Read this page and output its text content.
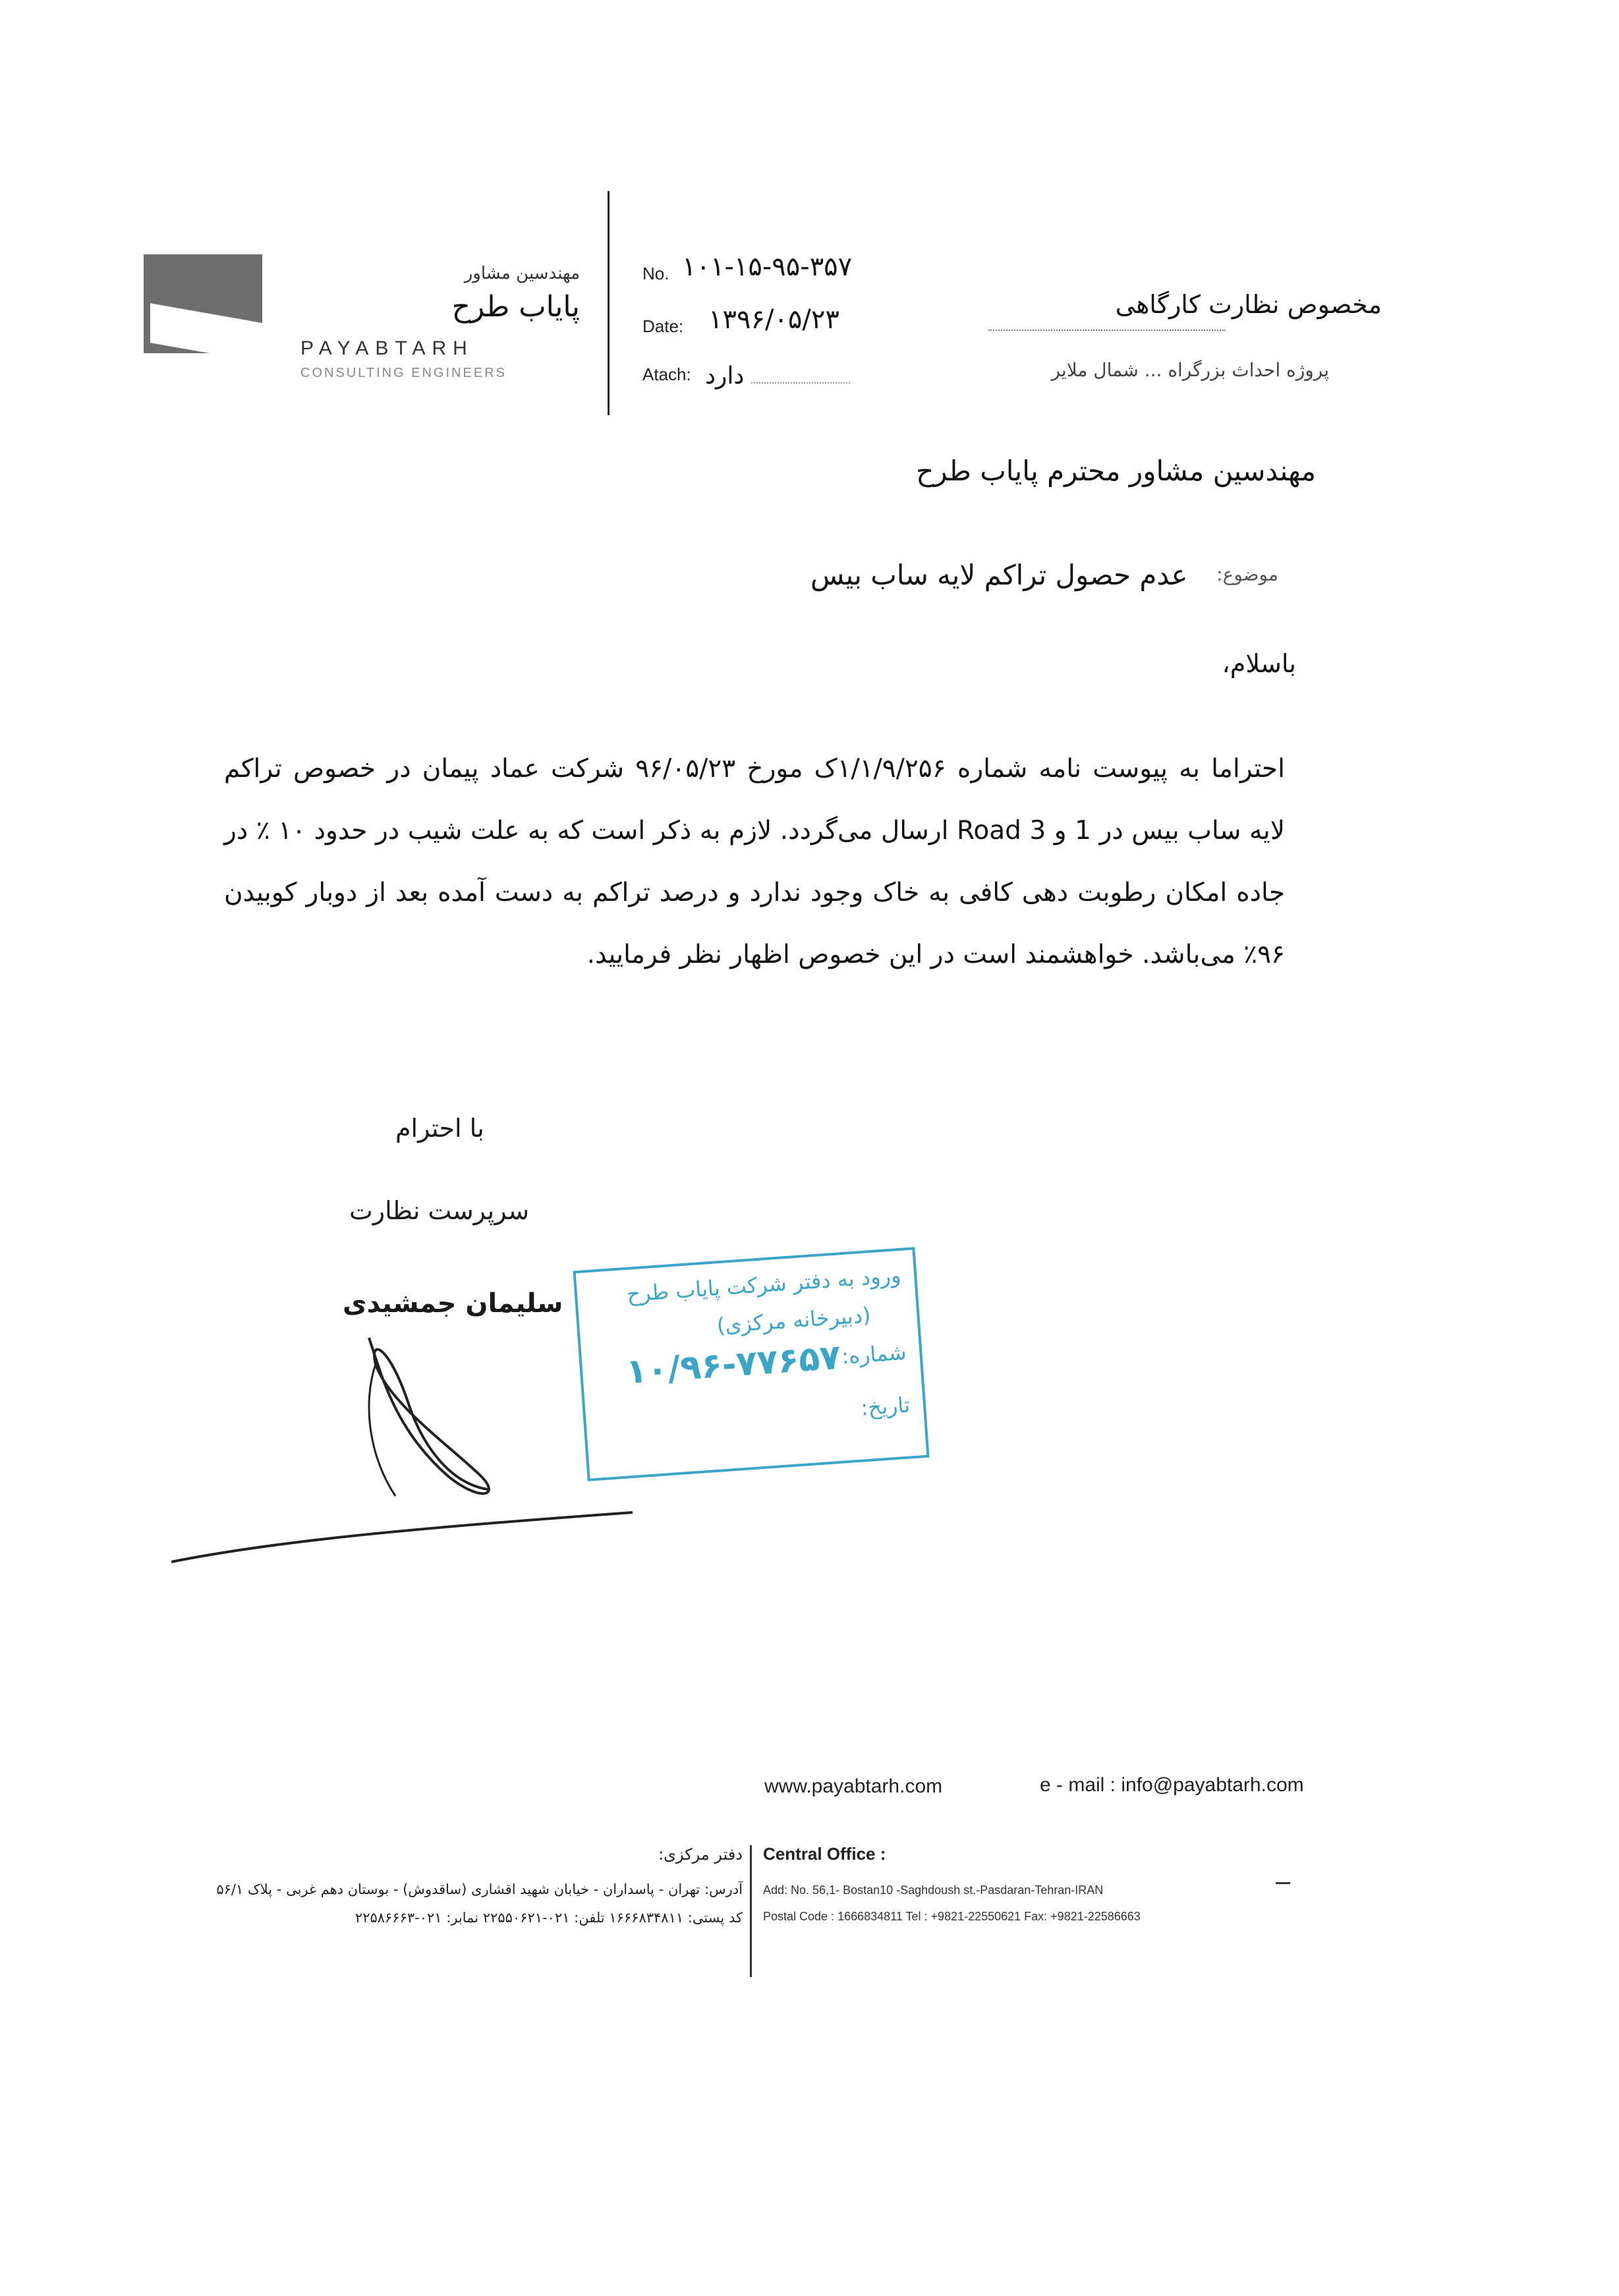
مهندسین مشاور
پایاب طرح
PAYABTARH
CONSULTING ENGINEERS
No. ۱۰۱-۱۵-۹۵-۳۵۷
Date: ۱۳۹۶/۰۵/۲۳
Atach: دارد
مخصوص نظارت کارگاهی
پروژه احداث بزرگراه ... شمال ملایر
مهندسین مشاور محترم پایاب طرح
موضوع:
عدم حصول تراکم لایه ساب بیس
باسلام،
احتراما به پیوست نامه شماره ۱/۱/۹/۲۵۶ک مورخ ۹۶/۰۵/۲۳ شرکت عماد پیمان در خصوص تراکم لایه ساب بیس در 1 و Road 3 ارسال می‌گردد. لازم به ذکر است که به علت شیب در حدود ۱۰ ٪ در جاده امکان رطوبت دهی کافی به خاک وجود ندارد و درصد تراکم به دست آمده بعد از دوبار کوبیدن ۹۶٪ می‌باشد. خواهشمند است در این خصوص اظهار نظر فرمایید.
با احترام
سرپرست نظارت
سلیمان جمشیدی	ورود به دفتر شرکت پایاب طرح
(دبیرخانه مرکزی)
شماره:
۱۰/۹۶-۷۷۶۵۷
تاریخ:
www.payabtarh.com	e - mail : info@payabtarh.com
دفتر مرکزی:
آدرس: تهران - پاسداران - خیابان شهید اقشاری (ساقدوش) - بوستان دهم غربی - پلاک ۵۶/۱
کد پستی: ۱۶۶۶۸۳۴۸۱۱ تلفن: ۰۲۱-۲۲۵۵۰۶۲۱ نمابر: ۰۲۱-۲۲۵۸۶۶۶۳
Central Office :
Add: No. 56,1- Bostan10 -Saghdoush st.-Pasdaran-Tehran-IRAN
Postal Code : 1666834811 Tel : +9821-22550621 Fax: +9821-22586663
